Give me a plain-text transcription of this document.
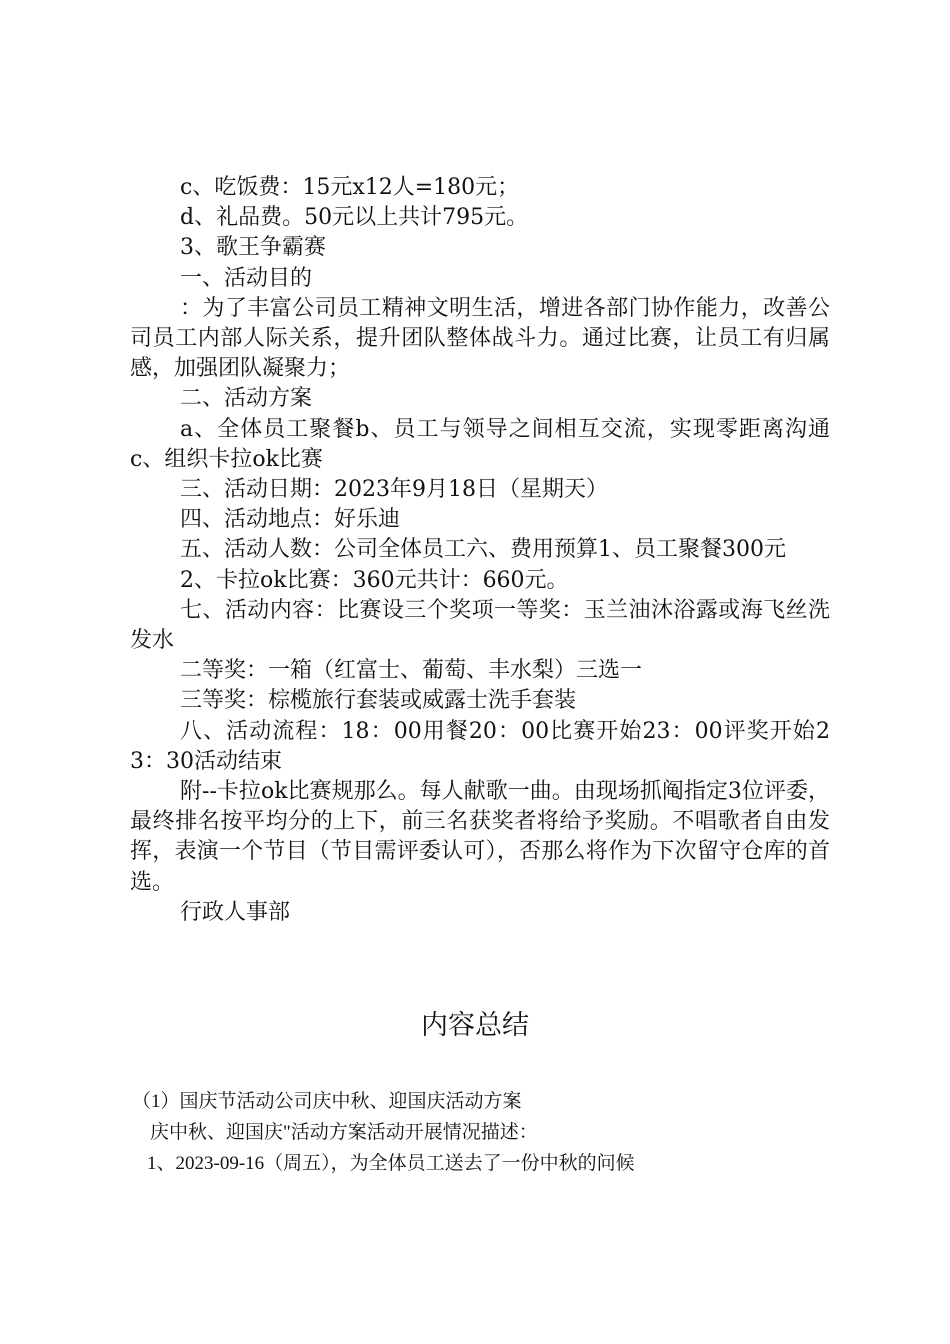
c、吃饭费：15元x12人=180元；

d、礼品费。50元以上共计795元。

3、歌王争霸赛

一、活动目的

：为了丰富公司员工精神文明生活，增进各部门协作能力，改善公司员工内部人际关系，提升团队整体战斗力。通过比赛，让员工有归属感，加强团队凝聚力；

二、活动方案

a、全体员工聚餐b、员工与领导之间相互交流，实现零距离沟通c、组织卡拉ok比赛

三、活动日期：2023年9月18日（星期天）

四、活动地点：好乐迪

五、活动人数：公司全体员工六、费用预算1、员工聚餐300元

2、卡拉ok比赛：360元共计：660元。

七、活动内容：比赛设三个奖项一等奖：玉兰油沐浴露或海飞丝洗发水

二等奖：一箱（红富士、葡萄、丰水梨）三选一

三等奖：棕榄旅行套装或威露士洗手套装

八、活动流程：18：00用餐20：00比赛开始23：00评奖开始23：30活动结束

附--卡拉ok比赛规那么。每人献歌一曲。由现场抓阄指定3位评委，最终排名按平均分的上下，前三名获奖者将给予奖励。不唱歌者自由发挥，表演一个节目（节目需评委认可），否那么将作为下次留守仓库的首选。

行政人事部

内容总结

（1）国庆节活动公司庆中秋、迎国庆活动方案

庆中秋、迎国庆"活动方案活动开展情况描述：

1、2023-09-16（周五），为全体员工送去了一份中秋的问候
